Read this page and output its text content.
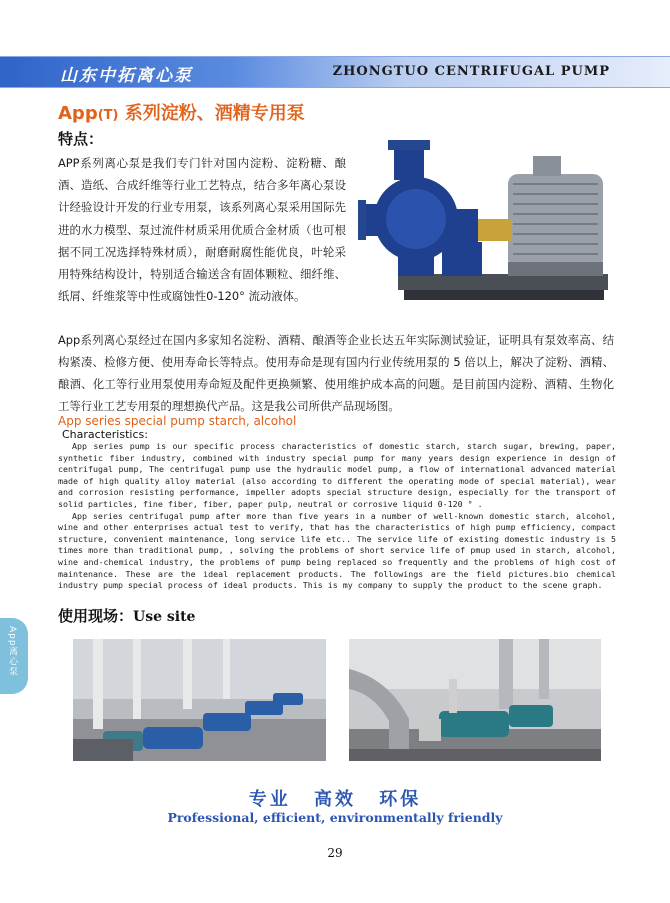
山东中拓离心泵	ZHONGTUO CENTRIFUGAL PUMP
App(T) 系列淀粉、酒精专用泵
特点：

APP系列离心泵是我们专门针对国内淀粉、淀粉糖、酿酒、造纸、合成纤维等行业工艺特点，结合多年离心泵设计经验设计开发的行业专用泵，该系列离心泵采用国际先进的水力模型、泵过流件材质采用优质合金材质（也可根据不同工况选择特殊材质），耐磨耐腐性能优良，叶轮采用特殊结构设计，特别适合输送含有固体颗粒、细纤维、纸屑、纤维浆等中性或腐蚀性0-120° 流动液体。

App系列离心泵经过在国内多家知名淀粉、酒精、酿酒等企业长达五年实际测试验证，证明具有泵效率高、结构紧凑、检修方便、使用寿命长等特点。使用寿命是现有国内行业传统用泵的 5 倍以上，解决了淀粉、酒精、酿酒、化工等行业用泵使用寿命短及配件更换频繁、使用维护成本高的问题。是目前国内淀粉、酒精、生物化工等行业工艺专用泵的理想换代产品。这是我公司所供产品现场图。

App series special pump starch, alcohol
Characteristics:

App series pump is our specific process characteristics of domestic starch, starch sugar, brewing, paper, synthetic fiber industry, combined with industry special pump for many years design experience in design of centrifugal pump, The centrifugal pump use the hydraulic model pump, a flow of international advanced material made of high quality alloy material (also according to different the operating mode of special material), wear and corrosion resisting performance, impeller adopts special structure design, especially for the transport of solid particles, fine fiber, fiber, paper pulp, neutral or corrosive liquid 0-120 ° .

App series centrifugal pump after more than five years in a number of well-known domestic starch, alcohol, wine and other enterprises actual test to verify, that has the characteristics of high pump efficiency, compact structure, convenient maintenance, long service life etc.. The service life of existing domestic industry is 5 times more than traditional pump, , solving the problems of short service life of pmup used in starch, alcohol, wine and-chemical industry, the problems of pump being replaced so frequently and the problems of high cost of maintenance. These are the ideal replacement products. The followings are the field pictures.bio chemical industry pump special process of ideal products. This is my company to supply the product to the scene graph.

使用现场：Use site
专业 高效 环保
Professional, efficient, environmentally friendly
29
App离心泵
